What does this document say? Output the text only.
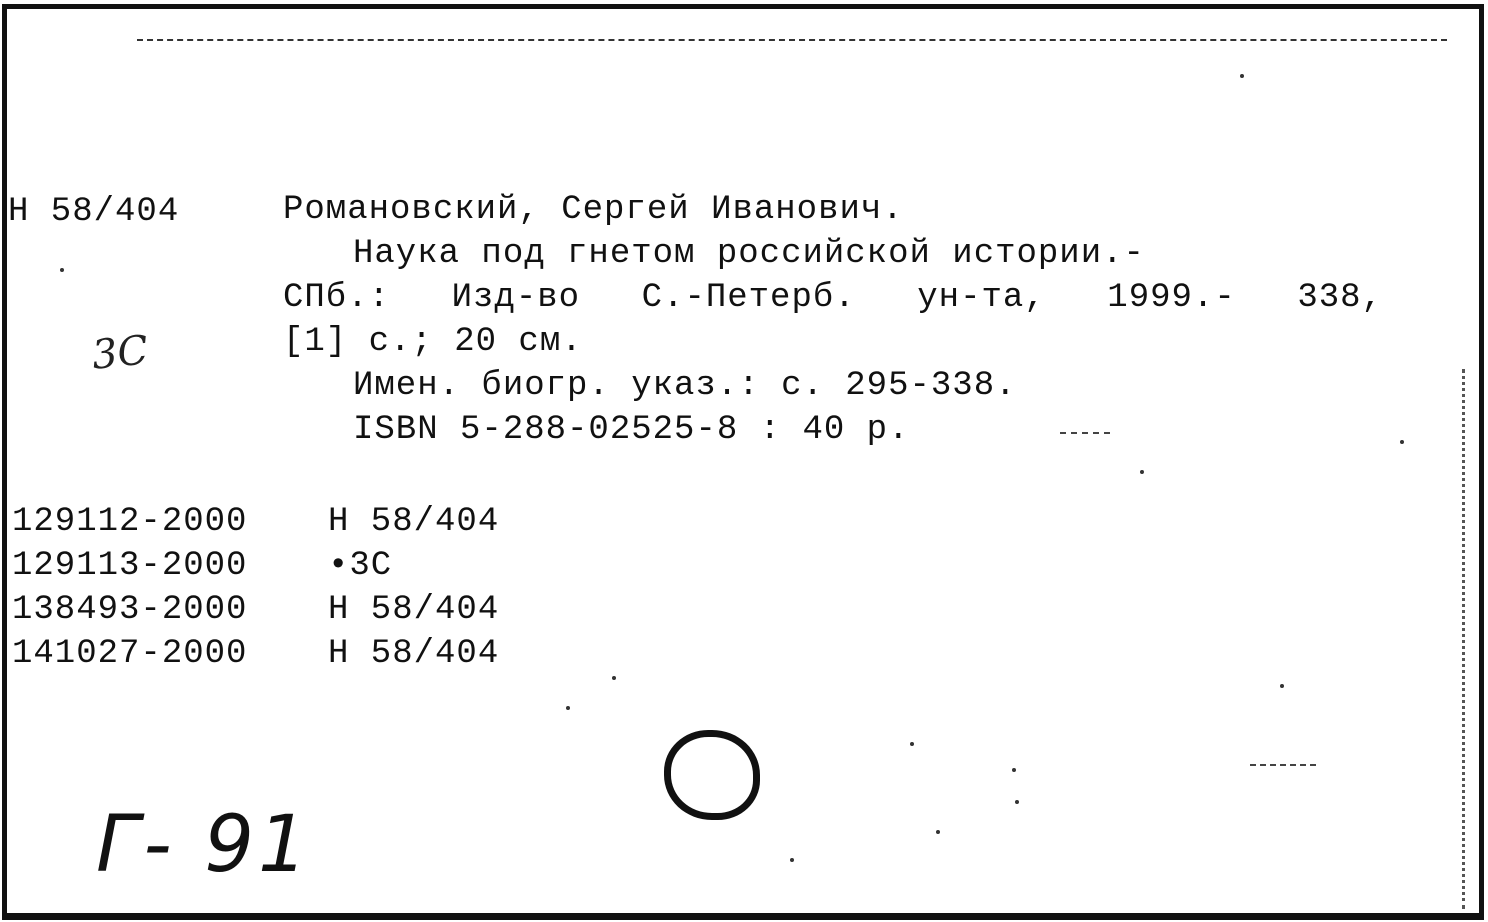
Н 58/404	Романовский, Сергей Иванович.
Наука под гнетом российской истории.-
СПб.: Изд-во С.-Петерб. ун-та, 1999.- 338,
[1] с.; 20 см.
Имен. биогр. указ.: с. 295-338.
ISBN 5-288-02525-8 : 40 р.
3С
129112-2000	Н 58/404
129113-2000	•3С
138493-2000	Н 58/404
141027-2000	Н 58/404
Г- 91
